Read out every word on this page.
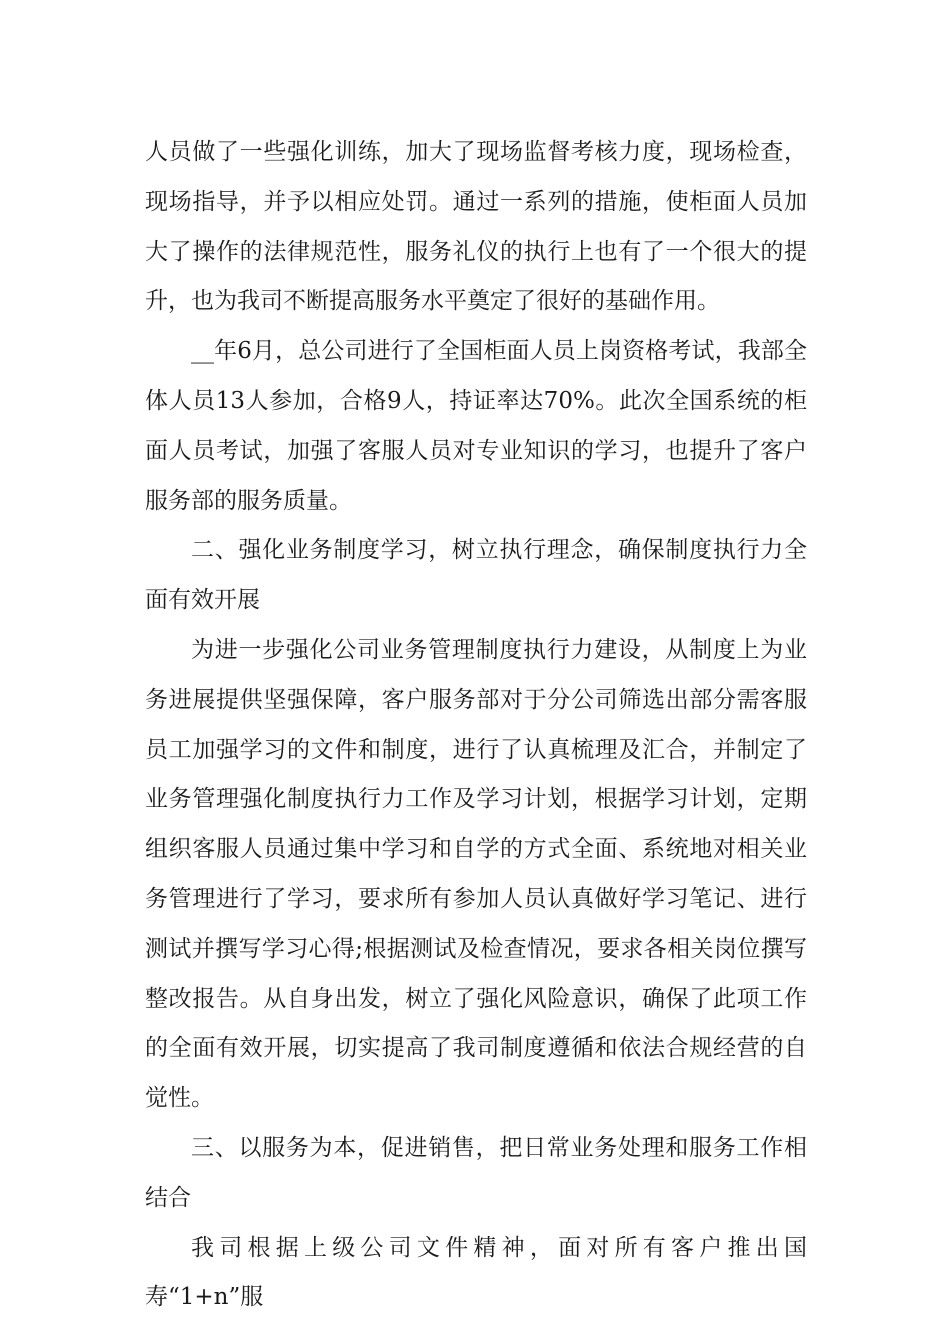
人员做了一些强化训练，加大了现场监督考核力度，现场检查，现场指导，并予以相应处罚。通过一系列的措施，使柜面人员加大了操作的法律规范性，服务礼仪的执行上也有了一个很大的提升，也为我司不断提高服务水平奠定了很好的基础作用。

__年6月，总公司进行了全国柜面人员上岗资格考试，我部全体人员13人参加，合格9人，持证率达70%。此次全国系统的柜面人员考试，加强了客服人员对专业知识的学习，也提升了客户服务部的服务质量。

二、强化业务制度学习，树立执行理念，确保制度执行力全面有效开展

为进一步强化公司业务管理制度执行力建设，从制度上为业务进展提供坚强保障，客户服务部对于分公司筛选出部分需客服员工加强学习的文件和制度，进行了认真梳理及汇合，并制定了业务管理强化制度执行力工作及学习计划，根据学习计划，定期组织客服人员通过集中学习和自学的方式全面、系统地对相关业务管理进行了学习，要求所有参加人员认真做好学习笔记、进行测试并撰写学习心得;根据测试及检查情况，要求各相关岗位撰写整改报告。从自身出发，树立了强化风险意识，确保了此项工作的全面有效开展，切实提高了我司制度遵循和依法合规经营的自觉性。

三、以服务为本，促进销售，把日常业务处理和服务工作相结合

我司根据上级公司文件精神，面对所有客户推出国寿“1+n”服
